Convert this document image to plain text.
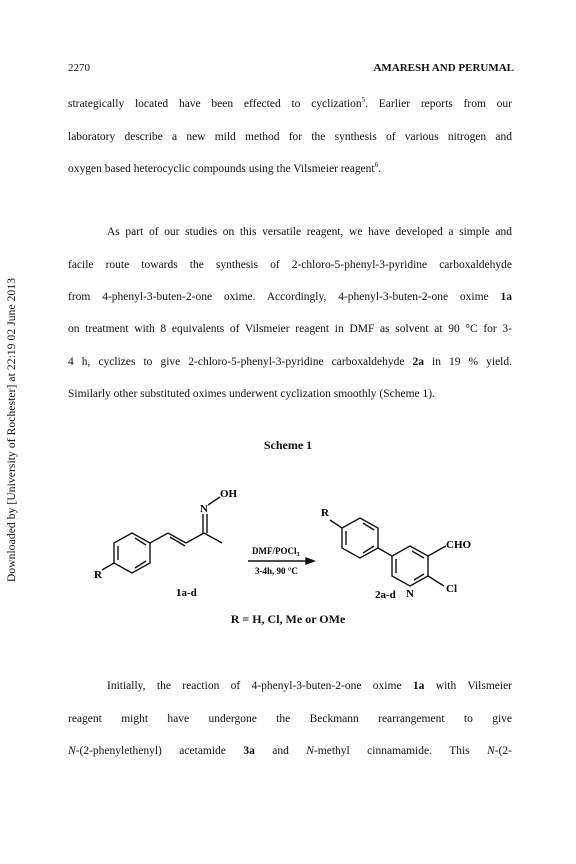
Downloaded by [University of Rochester] at 22:19 02 June 2013
2270	AMARESH AND PERUMAL
strategically located have been effected to cyclization$^5$. Earlier reports from our
laboratory describe a new mild method for the synthesis of various nitrogen and
oxygen based heterocyclic compounds using the Vilsmeier reagent$^6$.
As part of our studies on this versatile reagent, we have developed a simple and
facile route towards the synthesis of 2-chloro-5-phenyl-3-pyridine carboxaldehyde
from 4-phenyl-3-buten-2-one oxime. Accordingly, 4-phenyl-3-buten-2-one oxime 1a
on treatment with 8 equivalents of Vilsmeier reagent in DMF as solvent at 90 °C for 3-
4 h, cyclizes to give 2-chloro-5-phenyl-3-pyridine carboxaldehyde 2a in 19 % yield.
Similarly other substituted oximes underwent cyclization smoothly (Scheme 1).
Scheme 1
N
OH
R
1a-d
DMF/POCl$_3$
3-4h, 90 °C
R
CHO
N	Cl
2a-d
R = H, Cl, Me or OMe
Initially, the reaction of 4-phenyl-3-buten-2-one oxime 1a with Vilsmeier
reagent might have undergone the Beckmann rearrangement to give
N-(2-phenylethenyl) acetamide 3a and N-methyl cinnamamide. This N-(2-
